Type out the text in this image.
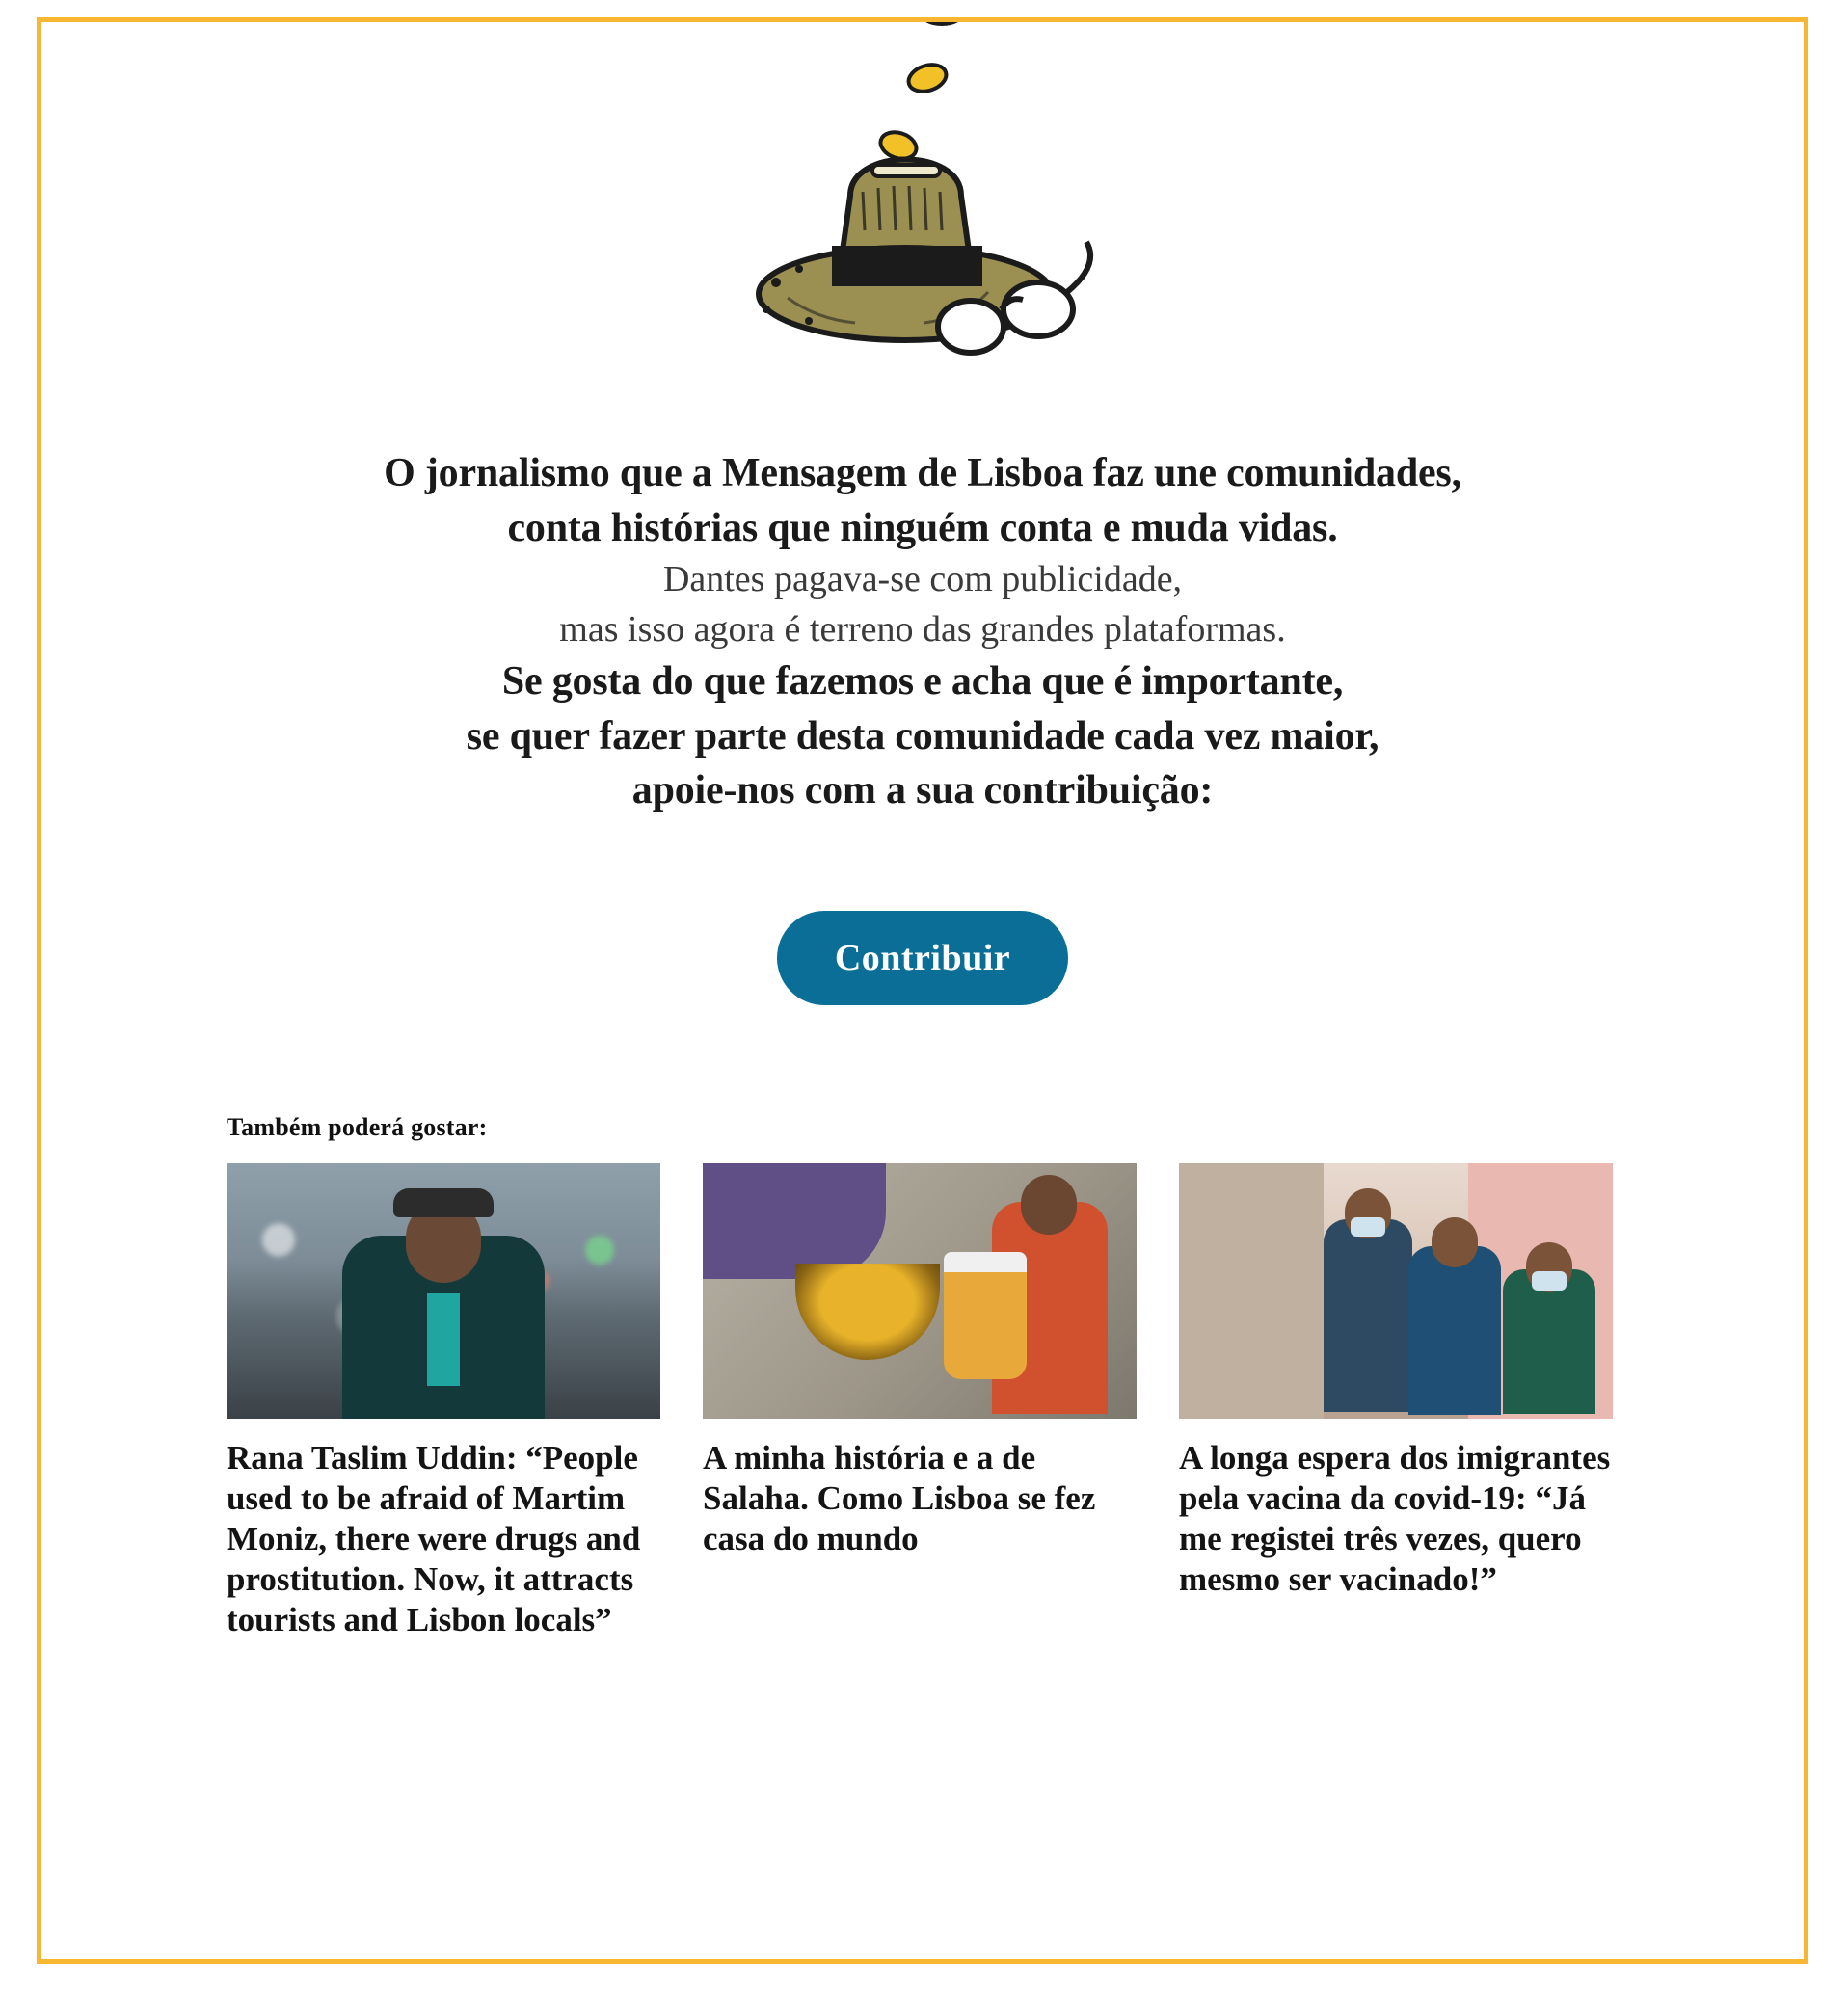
O jornalismo que a Mensagem de Lisboa faz une comunidades,

conta histórias que ninguém conta e muda vidas.

Dantes pagava-se com publicidade,

mas isso agora é terreno das grandes plataformas.

Se gosta do que fazemos e acha que é importante,

se quer fazer parte desta comunidade cada vez maior,

apoie-nos com a sua contribuição:

Contribuir
Também poderá gostar:
Rana Taslim Uddin: “People used to be afraid of Martim Moniz, there were drugs and prostitution. Now, it attracts tourists and Lisbon locals”
A minha história e a de Salaha. Como Lisboa se fez casa do mundo
A longa espera dos imigrantes pela vacina da covid-19: “Já me registei três vezes, quero mesmo ser vacinado!”
